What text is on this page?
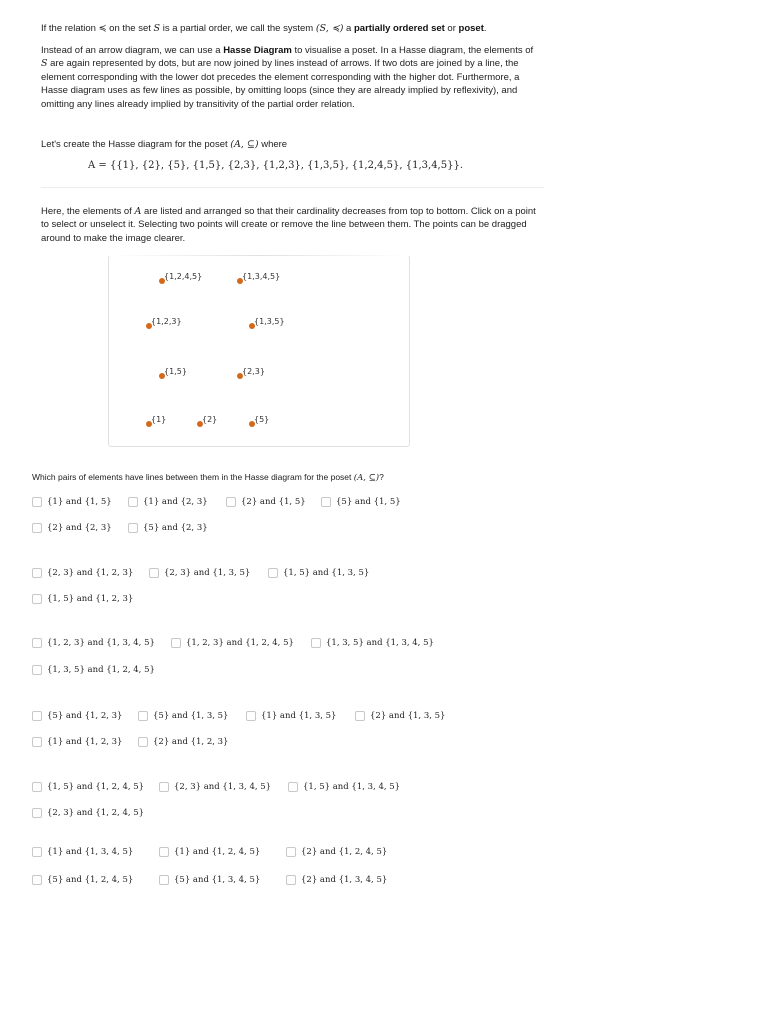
If the relation ≼ on the set S is a partial order, we call the system (S, ≼) a partially ordered set or poset.

Instead of an arrow diagram, we can use a Hasse Diagram to visualise a poset. In a Hasse diagram, the elements of S are again represented by dots, but are now joined by lines instead of arrows. If two dots are joined by a line, the element corresponding with the lower dot precedes the element corresponding with the higher dot. Furthermore, a Hasse diagram uses as few lines as possible, by omitting loops (since they are already implied by reflexivity), and omitting any lines already implied by transitivity of the partial order relation.

Let's create the Hasse diagram for the poset (A, ⊆) where

A = {{1}, {2}, {5}, {1,5}, {2,3}, {1,2,3}, {1,3,5}, {1,2,4,5}, {1,3,4,5}}.

Here, the elements of A are listed and arranged so that their cardinality decreases from top to bottom. Click on a point to select or unselect it. Selecting two points will create or remove the line between them. The points can be dragged around to make the image clearer.

{1,2,4,5}	{1,3,4,5}
{1,2,3}	{1,3,5}
{1,5}	{2,3}
{1}	{2}	{5}
Which pairs of elements have lines between them in the Hasse diagram for the poset (A, ⊆)?
{1} and {1, 5}	{1} and {2, 3}	{2} and {1, 5}	{5} and {1, 5}
{2} and {2, 3}	{5} and {2, 3}
{2, 3} and {1, 2, 3}	{2, 3} and {1, 3, 5}	{1, 5} and {1, 3, 5}
{1, 5} and {1, 2, 3}
{1, 2, 3} and {1, 3, 4, 5}	{1, 2, 3} and {1, 2, 4, 5}	{1, 3, 5} and {1, 3, 4, 5}
{1, 3, 5} and {1, 2, 4, 5}
{5} and {1, 2, 3}	{5} and {1, 3, 5}	{1} and {1, 3, 5}	{2} and {1, 3, 5}
{1} and {1, 2, 3}	{2} and {1, 2, 3}
{1, 5} and {1, 2, 4, 5}	{2, 3} and {1, 3, 4, 5}	{1, 5} and {1, 3, 4, 5}
{2, 3} and {1, 2, 4, 5}
{1} and {1, 3, 4, 5}	{1} and {1, 2, 4, 5}	{2} and {1, 2, 4, 5}
{5} and {1, 2, 4, 5}	{5} and {1, 3, 4, 5}	{2} and {1, 3, 4, 5}
